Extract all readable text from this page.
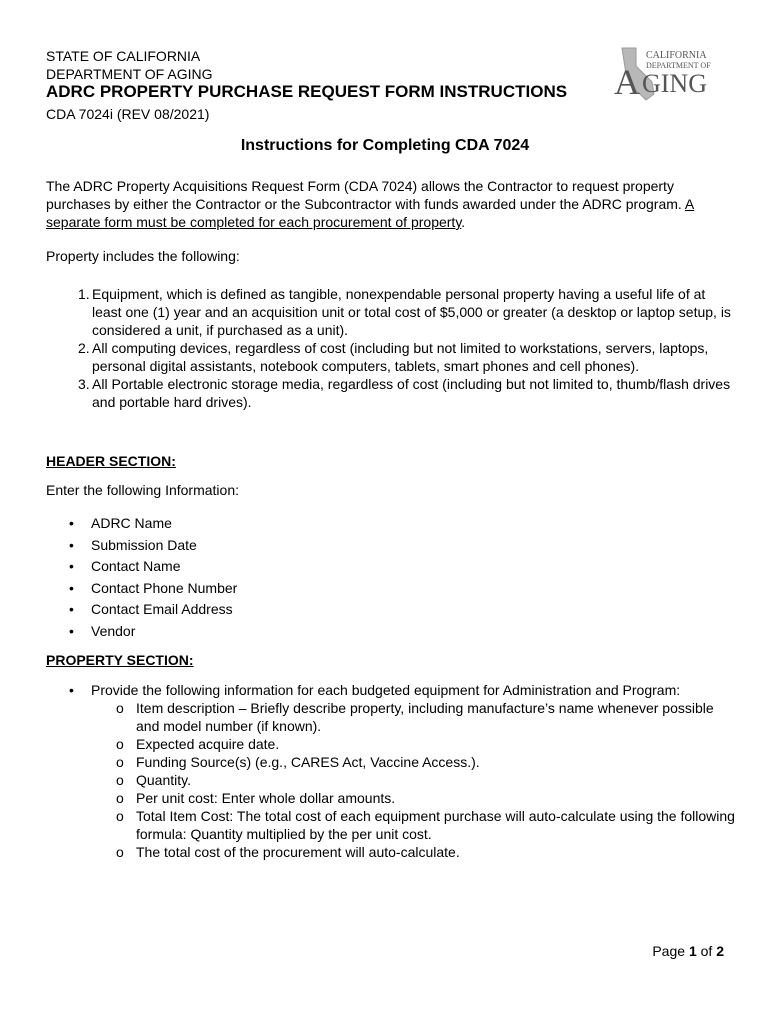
STATE OF CALIFORNIA
DEPARTMENT OF AGING
ADRC PROPERTY PURCHASE REQUEST FORM INSTRUCTIONS
CDA 7024i (REV 08/2021)
CALIFORNIA
DEPARTMENT OF
A GING
Instructions for Completing CDA 7024
The ADRC Property Acquisitions Request Form (CDA 7024) allows the Contractor to request property purchases by either the Contractor or the Subcontractor with funds awarded under the ADRC program. A separate form must be completed for each procurement of property.
Property includes the following:
1. Equipment, which is defined as tangible, nonexpendable personal property having a useful life of at least one (1) year and an acquisition unit or total cost of $5,000 or greater (a desktop or laptop setup, is considered a unit, if purchased as a unit).
2. All computing devices, regardless of cost (including but not limited to workstations, servers, laptops, personal digital assistants, notebook computers, tablets, smart phones and cell phones).
3. All Portable electronic storage media, regardless of cost (including but not limited to, thumb/flash drives and portable hard drives).
HEADER SECTION:
Enter the following Information:
• ADRC Name
• Submission Date
• Contact Name
• Contact Phone Number
• Contact Email Address
• Vendor
PROPERTY SECTION:
• Provide the following information for each budgeted equipment for Administration and Program:
o Item description – Briefly describe property, including manufacture’s name whenever possible and model number (if known).
o Expected acquire date.
o Funding Source(s) (e.g., CARES Act, Vaccine Access.).
o Quantity.
o Per unit cost: Enter whole dollar amounts.
o Total Item Cost: The total cost of each equipment purchase will auto-calculate using the following formula: Quantity multiplied by the per unit cost.
o The total cost of the procurement will auto-calculate.
Page 1 of 2
